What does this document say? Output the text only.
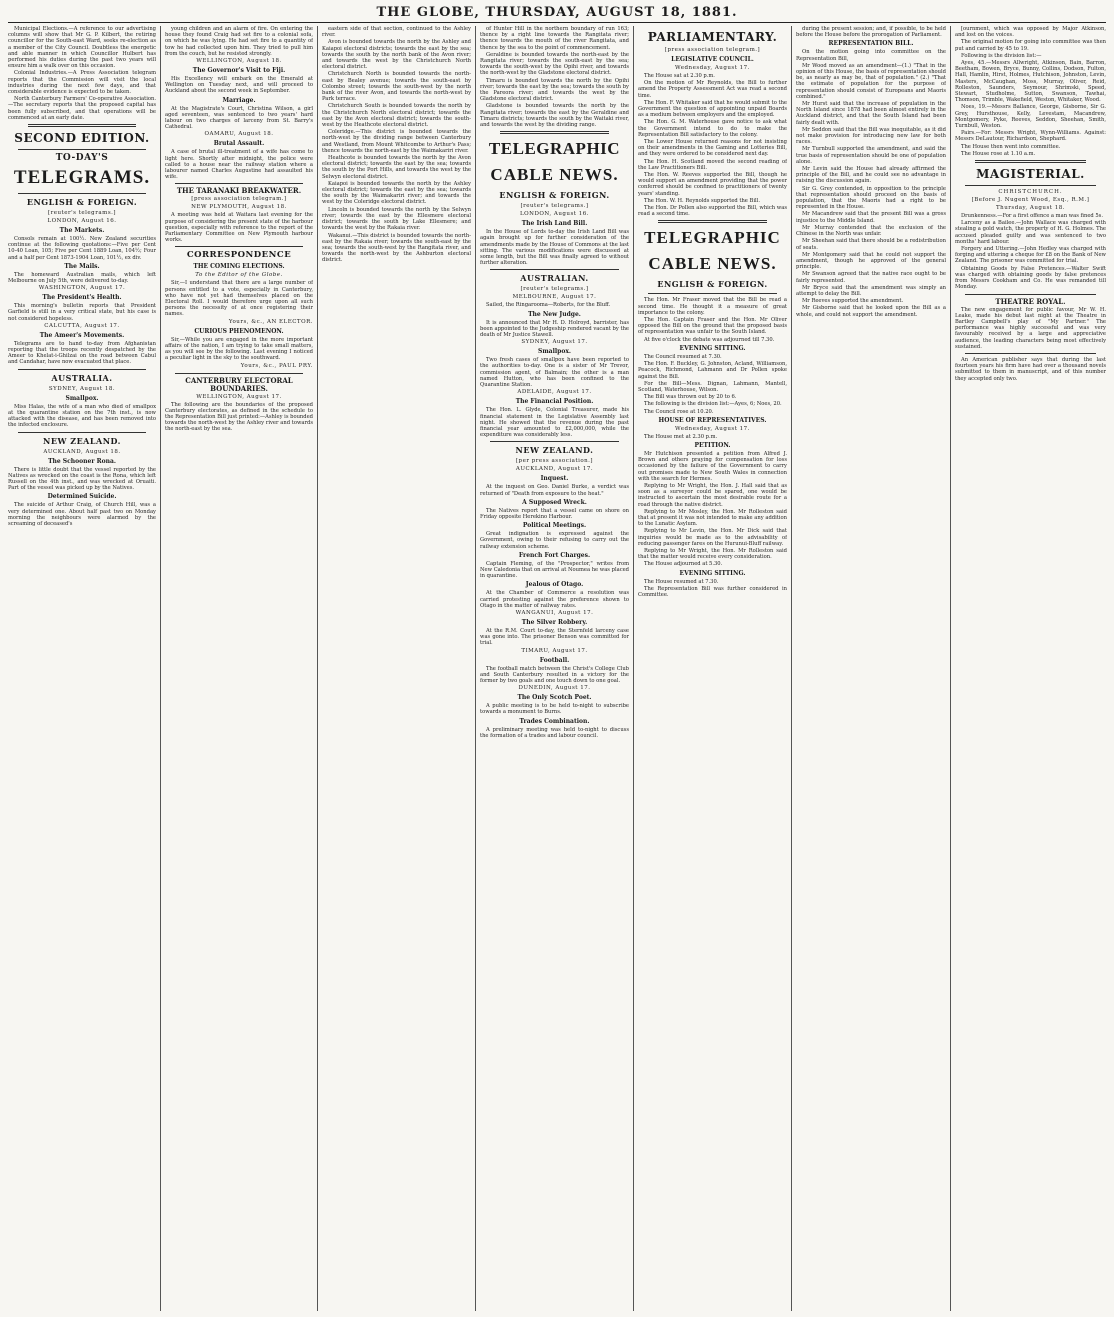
THE GLOBE, THURSDAY, AUGUST 18, 1881.

Municipal Elections.—A reference to our advertising columns will show that Mr G. P. Kilbert, the retiring councillor for the South-east Ward, seeks re-election as a member of the City Council. Doubtless the energetic and able manner in which Councillor Hulbert has performed his duties during the past two years will ensure him a walk over on this occasion.

Colonial Industries.—A Press Association telegram reports that the Commission will visit the local industries during the next few days, and that considerable evidence is expected to be taken.

North Canterbury Farmers' Co-operative Association.—The secretary reports that the proposed capital has been fully subscribed, and that operations will be commenced at an early date.

SECOND EDITION.
TO-DAY'S
TELEGRAMS.
ENGLISH & FOREIGN.
[reuter's telegrams.]
LONDON, August 16.
The Markets.

Consols remain at 100½. New Zealand securities continue at the following quotations:—Five per Cent 10-40 Loan, 105; Five per Cent 1889 Loan, 104½; Four and a half per Cent 1873-1904 Loan, 101½, ex div.

The Mails.

The homeward Australian mails, which left Melbourne on July 5th, were delivered to-day.

WASHINGTON, August 17.
The President's Health.

This morning's bulletin reports that President Garfield is still in a very critical state, but his case is not considered hopeless.

CALCUTTA, August 17.
The Ameer's Movements.

Telegrams are to hand to-day from Afghanistan reporting that the troops recently despatched by the Ameer to Khelat-i-Ghilzai on the road between Cabul and Candahar, have now evacuated that place.

AUSTRALIA.
SYDNEY, August 18.
Smallpox.

Miss Halas, the wife of a man who died of smallpox at the quarantine station on the 7th inst., is now attacked with the disease, and has been removed into the infected enclosure.

NEW ZEALAND.
AUCKLAND, August 18.
The Schooner Rona.

There is little doubt that the vessel reported by the Natives as wrecked on the coast is the Rona, which left Russell on the 4th inst., and was wrecked at Oruaiti. Part of the vessel was picked up by the Natives.

Determined Suicide.

The suicide of Arthur Craig, of Church Hill, was a very determined one. About half past two on Monday morning the neighbours were alarmed by the screaming of deceased's

young children and an alarm of fire. On entering the house they found Craig had set fire to a colonial sofa, on which he was lying. He had set fire to a quantity of tow he had collected upon him. They tried to pull him from the couch, but he resisted strongly.

WELLINGTON, August 18.
The Governor's Visit to Fiji.

His Excellency will embark on the Emerald at Wellington on Tuesday next, and will proceed to Auckland about the second week in September.

Marriage.

At the Magistrate's Court, Christina Wilson, a girl aged seventeen, was sentenced to two years' hard labour on two charges of larceny from St. Barry's Cathedral.

OAMARU, August 18.
Brutal Assault.

A case of brutal ill-treatment of a wife has come to light here. Shortly after midnight, the police were called to a house near the railway station where a labourer named Charles Augustine had assaulted his wife.

THE TARANAKI BREAKWATER.
[press association telegram.]
NEW PLYMOUTH, August 18.

A meeting was held at Waitara last evening for the purpose of considering the present state of the harbour question, especially with reference to the report of the Parliamentary Committee on New Plymouth harbour works.

CORRESPONDENCE
THE COMING ELECTIONS.
To the Editor of the Globe.

Sir,—I understand that there are a large number of persons entitled to a vote, especially in Canterbury, who have not yet had themselves placed on the Electoral Roll. I would therefore urge upon all such persons the necessity of at once registering their names.

Yours, &c., AN ELECTOR.
CURIOUS PHENOMENON.

Sir,—While you are engaged in the more important affairs of the nation, I am trying to take small matters, as you will see by the following. Last evening I noticed a peculiar light in the sky to the southward.

Yours, &c., PAUL PRY.
CANTERBURY ELECTORAL BOUNDARIES.
WELLINGTON, August 17.

The following are the boundaries of the proposed Canterbury electorates, as defined in the schedule to the Representation Bill just printed:—Ashley is bounded towards the north-west by the Ashley river and towards the north-east by the sea.

eastern side of that section, continued to the Ashley river.

Avon is bounded towards the north by the Ashley and Kaiapoi electoral districts; towards the east by the sea; towards the south by the north bank of the Avon river; and towards the west by the Christchurch North electoral district.

Christchurch North is bounded towards the north-east by Bealey avenue; towards the south-east by Colombo street; towards the south-west by the north bank of the river Avon, and towards the north-west by Park terrace.

Christchurch South is bounded towards the north by the Christchurch North electoral district; towards the east by the Avon electoral district; towards the south-west by the Heathcote electoral district.

Coleridge.—This district is bounded towards the north-west by the dividing range between Canterbury and Westland, from Mount Whitcombe to Arthur's Pass; thence towards the north-east by the Waimakariri river.

Heathcote is bounded towards the north by the Avon electoral district; towards the east by the sea; towards the south by the Port Hills, and towards the west by the Selwyn electoral district.

Kaiapoi is bounded towards the north by the Ashley electoral district; towards the east by the sea; towards the south by the Waimakariri river; and towards the west by the Coleridge electoral district.

Lincoln is bounded towards the north by the Selwyn river; towards the east by the Ellesmere electoral district; towards the south by Lake Ellesmere; and towards the west by the Rakaia river.

Wakanui.—This district is bounded towards the north-east by the Rakaia river; towards the south-east by the sea; towards the south-west by the Rangitata river, and towards the north-west by the Ashburton electoral district.

of Hunter Hill in the northern boundary of run 163; thence by a right line towards the Rangitata river; thence towards the mouth of the river Rangitata, and thence by the sea to the point of commencement.

Geraldine is bounded towards the north-east by the Rangitata river; towards the south-east by the sea; towards the south-west by the Opihi river, and towards the north-west by the Gladstone electoral district.

Timaru is bounded towards the north by the Opihi river; towards the east by the sea; towards the south by the Pareora river; and towards the west by the Gladstone electoral district.

Gladstone is bounded towards the north by the Rangitata river; towards the east by the Geraldine and Timaru districts; towards the south by the Waitaki river, and towards the west by the dividing range.

TELEGRAPHIC
CABLE NEWS.
ENGLISH & FOREIGN.
[reuter's telegrams.]
LONDON, August 16.
The Irish Land Bill.

In the House of Lords to-day the Irish Land Bill was again brought up for further consideration of the amendments made by the House of Commons at the last sitting. The various modifications were discussed at some length, but the Bill was finally agreed to without further alteration.

AUSTRALIAN.
[reuter's telegrams.]
MELBOURNE, August 17.

Sailed, the Ringarooma—Roberts, for the Bluff.

The New Judge.

It is announced that Mr H. D. Holroyd, barrister, has been appointed to the Judgeship rendered vacant by the death of Mr Justice Stawell.

SYDNEY, August 17.
Smallpox.

Two fresh cases of smallpox have been reported to the authorities to-day. One is a sister of Mr Trevor, commission agent, of Balmain; the other is a man named Hutton, who has been confined to the Quarantine Station.

ADELAIDE, August 17.
The Financial Position.

The Hon. L. Glyde, Colonial Treasurer, made his financial statement in the Legislative Assembly last night. He showed that the revenue during the past financial year amounted to £2,000,000, while the expenditure was considerably less.

NEW ZEALAND.
[per press association.]
AUCKLAND, August 17.
Inquest.

At the inquest on Geo. Daniel Burke, a verdict was returned of "Death from exposure to the heat."

A Supposed Wreck.

The Natives report that a vessel came on shore on Friday opposite Herekino Harbour.

Political Meetings.

Great indignation is expressed against the Government, owing to their refusing to carry out the railway extension scheme.

French Fort Charges.

Captain Fleming, of the "Prospector," writes from New Caledonia that on arrival at Noumea he was placed in quarantine.

Jealous of Otago.

At the Chamber of Commerce a resolution was carried protesting against the preference shown to Otago in the matter of railway rates.

WANGANUI, August 17.
The Silver Robbery.

At the R.M. Court to-day, the Sternfeld larceny case was gone into. The prisoner Benson was committed for trial.

TIMARU, August 17.
Football.

The football match between the Christ's College Club and South Canterbury resulted in a victory for the former by two goals and one touch down to one goal.

DUNEDIN, August 17.
The Only Scotch Poet.

A public meeting is to be held to-night to subscribe towards a monument to Burns.

Trades Combination.

A preliminary meeting was held to-night to discuss the formation of a trades and labour council.

PARLIAMENTARY.
[press association telegram.]
LEGISLATIVE COUNCIL.
Wednesday, August 17.

The House sat at 2.30 p.m.

On the motion of Mr Reynolds, the Bill to further amend the Property Assessment Act was read a second time.

The Hon. F. Whitaker said that he would submit to the Government the question of appointing unpaid Boards as a medium between employers and the employed.

The Hon. G. M. Waterhouse gave notice to ask what the Government intend to do to make the Representation Bill satisfactory to the colony.

The Lower House returned reasons for not insisting on their amendments in the Gaming and Lotteries Bill, and they were ordered to be considered next day.

The Hon. H. Scotland moved the second reading of the Law Practitioners Bill.

The Hon. W. Reeves supported the Bill, though he would support an amendment providing that the power conferred should be confined to practitioners of twenty years' standing.

The Hon. W. H. Reynolds supported the Bill.

The Hon. Dr Pollen also supported the Bill, which was read a second time.

TELEGRAPHIC
CABLE NEWS.
ENGLISH & FOREIGN.

The Hon. Mr Fraser moved that the Bill be read a second time. He thought it a measure of great importance to the colony.

The Hon. Captain Fraser and the Hon. Mr Oliver opposed the Bill on the ground that the proposed basis of representation was unfair to the South Island.

At five o'clock the debate was adjourned till 7.30.

EVENING SITTING.

The Council resumed at 7.30.

The Hon. F. Buckley, G. Johnston, Acland, Williamson, Peacock, Richmond, Lahmann and Dr Pollen spoke against the Bill.

For the Bill—Mess. Dignan, Lahmann, Mantell, Scotland, Waterhouse, Wilson.

The Bill was thrown out by 20 to 6.

The following is the division list:—Ayes, 6; Noes, 20.

The Council rose at 10.20.

HOUSE OF REPRESENTATIVES.
Wednesday, August 17.

The House met at 2.30 p.m.

PETITION.

Mr Hutchison presented a petition from Alfred J. Brown and others praying for compensation for loss occasioned by the failure of the Government to carry out promises made to New South Wales in connection with the search for Hermes.

Replying to Mr Wright, the Hon. J. Hall said that as soon as a surveyor could be spared, one would be instructed to ascertain the most desirable route for a road through the native district.

Replying to Mr Mosley, the Hon. Mr Rolleston said that at present it was not intended to make any addition to the Lunatic Asylum.

Replying to Mr Levin, the Hon. Mr Dick said that inquiries would be made as to the advisability of reducing passenger fares on the Hurunui-Bluff railway.

Replying to Mr Wright, the Hon. Mr Rolleston said that the matter would receive every consideration.

The House adjourned at 5.30.

EVENING SITTING.

The House resumed at 7.30.

The Representation Bill was further considered in Committee.

during the present session; and, if possible, to be held before the House before the prorogation of Parliament.

REPRESENTATION BILL.

On the motion going into committee on the Representation Bill,

Mr Wood moved as an amendment—(1.) "That in the opinion of this House, the basis of representation should be, as nearly as may be, that of population." (2.) "That the estimate of population for the purpose of representation should consist of Europeans and Maoris combined."

Mr Hurst said that the increase of population in the North Island since 1878 had been almost entirely in the Auckland district, and that the South Island had been fairly dealt with.

Mr Seddon said that the Bill was inequitable, as it did not make provision for introducing new law for both races.

Mr Turnbull supported the amendment, and said the true basis of representation should be one of population alone.

Mr Levin said the House had already affirmed the principle of the Bill, and he could see no advantage in raising the discussion again.

Sir G. Grey contended, in opposition to the principle that representation should proceed on the basis of population, that the Maoris had a right to be represented in the House.

Mr Macandrew said that the present Bill was a gross injustice to the Middle Island.

Mr Murray contended that the exclusion of the Chinese in the North was unfair.

Mr Sheehan said that there should be a redistribution of seats.

Mr Montgomery said that he could not support the amendment, though he approved of the general principle.

Mr Swanson agreed that the native race ought to be fairly represented.

Mr Bryce said that the amendment was simply an attempt to delay the Bill.

Mr Reeves supported the amendment.

Mr Gisborne said that he looked upon the Bill as a whole, and could not support the amendment.

[ournment, which was opposed by Major Atkinson, and lost on the voices.

The original motion for going into committee was then put and carried by 45 to 19.

Following is the division list:—

Ayes, 45.—Messrs Allwright, Atkinson, Bain, Barron, Beetham, Bowen, Bryce, Bunny, Collins, Dodson, Fulton, Hall, Hamlin, Hirst, Holmes, Hutchison, Johnston, Levin, Masters, McCaughan, Moss, Murray, Oliver, Reid, Rolleston, Saunders, Seymour, Shrimski, Speed, Stewart, Studholme, Sutton, Swanson, Tawhai, Thomson, Trimble, Wakefield, Weston, Whitaker, Wood.

Noes, 19.—Messrs Ballance, George, Gisborne, Sir G. Grey, Hursthouse, Kelly, Levestam, Macandrew, Montgomery, Pyke, Reeves, Seddon, Sheehan, Smith, Turnbull, Weston.

Pairs.—For: Messrs Wright, Wynn-Williams. Against: Messrs DeLautour, Richardson, Shephard.

The House then went into committee.

The House rose at 1.10 a.m.

MAGISTERIAL.
CHRISTCHURCH.
[Before J. Nugent Wood, Esq., R.M.]
Thursday, August 18.

Drunkenness.—For a first offence a man was fined 5s.

Larceny as a Bailee.—John Wallace was charged with stealing a gold watch, the property of H. G. Holmes. The accused pleaded guilty and was sentenced to two months' hard labour.

Forgery and Uttering.—John Hedley was charged with forging and uttering a cheque for £8 on the Bank of New Zealand. The prisoner was committed for trial.

Obtaining Goods by False Pretences.—Walter Swift was charged with obtaining goods by false pretences from Messrs Cookham and Co. He was remanded till Monday.

THEATRE ROYAL.

The new engagement for public favour, Mr W. H. Leake, made his debut last night at the Theatre in Bartley Campbell's play of "My Partner." The performance was highly successful and was very favourably received by a large and appreciative audience, the leading characters being most effectively sustained.

An American publisher says that during the last fourteen years his firm have had over a thousand novels submitted to them in manuscript, and of this number they accepted only two.
